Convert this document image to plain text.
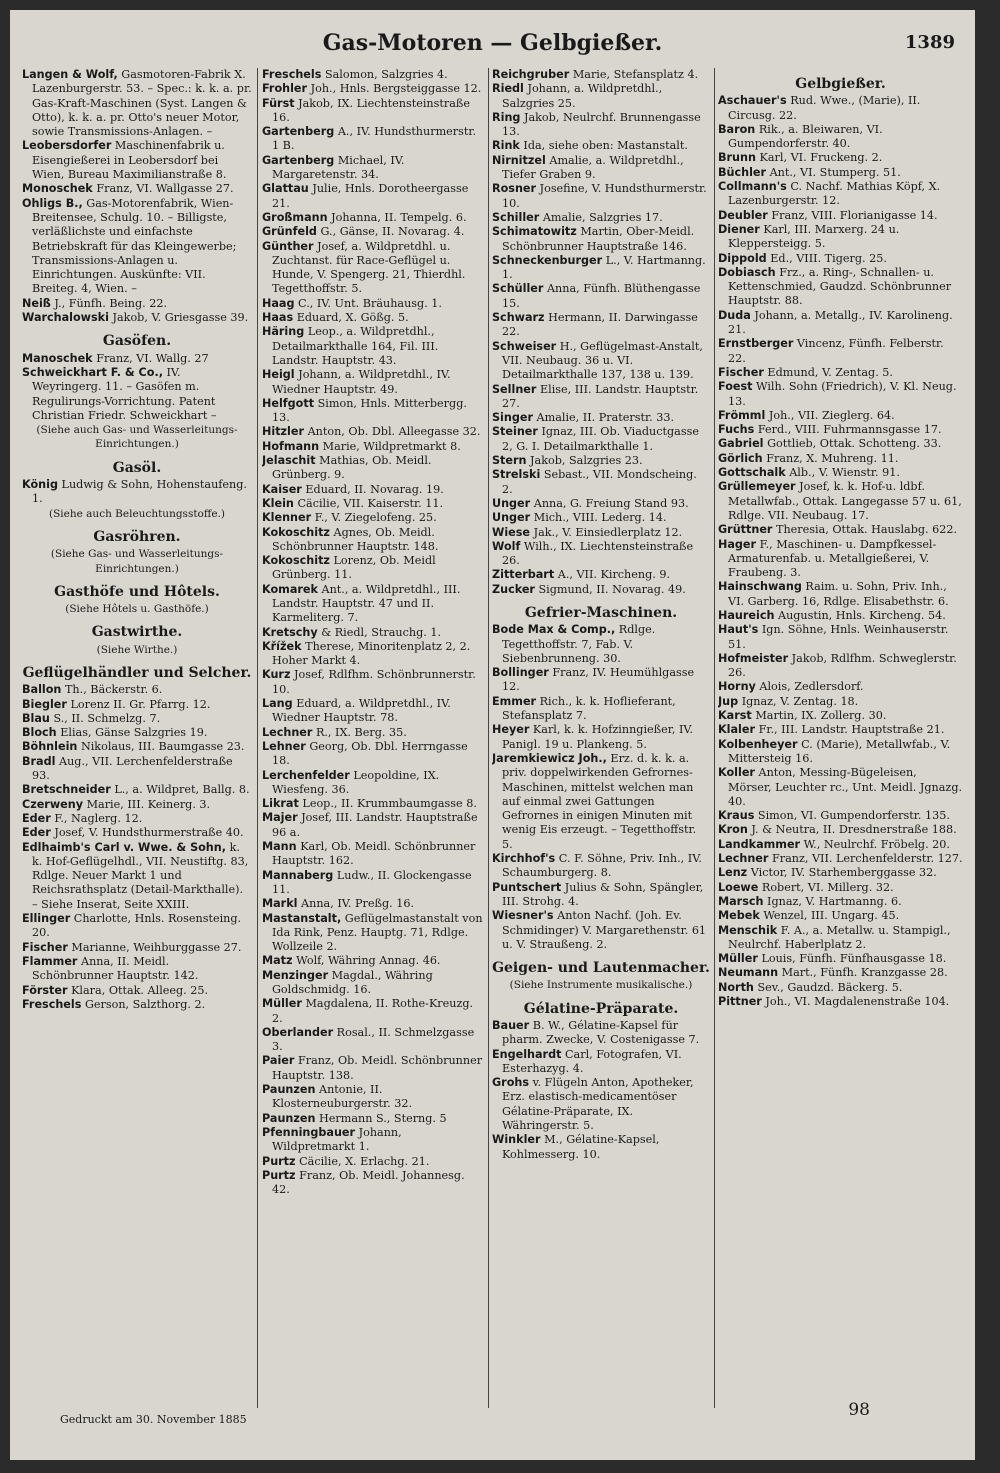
Gas-Motoren — Gelbgießer.	1389

Langen & Wolf, Gasmotoren-Fabrik X. Lazenburgerstr. 53. – Spec.: k. k. a. pr. Gas-Kraft-Maschinen (Syst. Langen & Otto), k. k. a. pr. Otto's neuer Motor, sowie Transmissions-Anlagen. –

Leobersdorfer Maschinenfabrik u. Eisengießerei in Leobersdorf bei Wien, Bureau Maximilianstraße 8.

Monoschek Franz, VI. Wallgasse 27.

Ohligs B., Gas-Motorenfabrik, Wien-Breitensee, Schulg. 10. – Billigste, verläßlichste und einfachste Betriebskraft für das Kleingewerbe; Transmissions-Anlagen u. Einrichtungen. Auskünfte: VII. Breiteg. 4, Wien. –

Neiß J., Fünfh. Being. 22.

Warchalowski Jakob, V. Griesgasse 39.

Gasöfen.

Manoschek Franz, VI. Wallg. 27

Schweickhart F. & Co., IV. Weyringerg. 11. – Gasöfen m. Regulirungs-Vorrichtung. Patent Christian Friedr. Schweickhart –

(Siehe auch Gas- und Wasserleitungs-Einrichtungen.)
Gasöl.

König Ludwig & Sohn, Hohenstaufeng. 1.

(Siehe auch Beleuchtungsstoffe.)
Gasröhren.
(Siehe Gas- und Wasserleitungs-Einrichtungen.)
Gasthöfe und Hôtels.
(Siehe Hôtels u. Gasthöfe.)
Gastwirthe.
(Siehe Wirthe.)
Geflügelhändler und Selcher.

Ballon Th., Bäckerstr. 6.

Biegler Lorenz II. Gr. Pfarrg. 12.

Blau S., II. Schmelzg. 7.

Bloch Elias, Gänse Salzgries 19.

Böhnlein Nikolaus, III. Baumgasse 23.

Bradl Aug., VII. Lerchenfelderstraße 93.

Bretschneider L., a. Wildpret, Ballg. 8.

Czerweny Marie, III. Keinerg. 3.

Eder F., Naglerg. 12.

Eder Josef, V. Hundsthurmerstraße 40.

Edlhaimb's Carl v. Wwe. & Sohn, k. k. Hof-Geflügelhdl., VII. Neustiftg. 83, Rdlge. Neuer Markt 1 und Reichsrathsplatz (Detail-Markthalle). – Siehe Inserat, Seite XXIII.

Ellinger Charlotte, Hnls. Rosensteing. 20.

Fischer Marianne, Weihburggasse 27.

Flammer Anna, II. Meidl. Schönbrunner Hauptstr. 142.

Förster Klara, Ottak. Alleeg. 25.

Freschels Gerson, Salzthorg. 2.

Freschels Salomon, Salzgries 4.

Frohler Joh., Hnls. Bergsteiggasse 12.

Fürst Jakob, IX. Liechtensteinstraße 16.

Gartenberg A., IV. Hundsthurmerstr. 1 B.

Gartenberg Michael, IV. Margaretenstr. 34.

Glattau Julie, Hnls. Dorotheergasse 21.

Großmann Johanna, II. Tempelg. 6.

Grünfeld G., Gänse, II. Novarag. 4.

Günther Josef, a. Wildpretdhl. u. Zuchtanst. für Race-Geflügel u. Hunde, V. Spengerg. 21, Thierdhl. Tegetthoffstr. 5.

Haag C., IV. Unt. Bräuhausg. 1.

Haas Eduard, X. Gößg. 5.

Häring Leop., a. Wildpretdhl., Detailmarkthalle 164, Fil. III. Landstr. Hauptstr. 43.

Heigl Johann, a. Wildpretdhl., IV. Wiedner Hauptstr. 49.

Helfgott Simon, Hnls. Mitterbergg. 13.

Hitzler Anton, Ob. Dbl. Alleegasse 32.

Hofmann Marie, Wildpretmarkt 8.

Jelaschit Mathias, Ob. Meidl. Grünberg. 9.

Kaiser Eduard, II. Novarag. 19.

Klein Cäcilie, VII. Kaiserstr. 11.

Klenner F., V. Ziegelofeng. 25.

Kokoschitz Agnes, Ob. Meidl. Schönbrunner Hauptstr. 148.

Kokoschitz Lorenz, Ob. Meidl Grünberg. 11.

Komarek Ant., a. Wildpretdhl., III. Landstr. Hauptstr. 47 und II. Karmeliterg. 7.

Kretschy & Riedl, Strauchg. 1.

Křížek Therese, Minoritenplatz 2, 2. Hoher Markt 4.

Kurz Josef, Rdlfhm. Schönbrunnerstr. 10.

Lang Eduard, a. Wildpretdhl., IV. Wiedner Hauptstr. 78.

Lechner R., IX. Berg. 35.

Lehner Georg, Ob. Dbl. Herrngasse 18.

Lerchenfelder Leopoldine, IX. Wiesfeng. 36.

Likrat Leop., II. Krummbaumgasse 8.

Majer Josef, III. Landstr. Hauptstraße 96 a.

Mann Karl, Ob. Meidl. Schönbrunner Hauptstr. 162.

Mannaberg Ludw., II. Glockengasse 11.

Markl Anna, IV. Preßg. 16.

Mastanstalt, Geflügelmastanstalt von Ida Rink, Penz. Hauptg. 71, Rdlge. Wollzeile 2.

Matz Wolf, Währing Annag. 46.

Menzinger Magdal., Währing Goldschmidg. 16.

Müller Magdalena, II. Rothe-Kreuzg. 2.

Oberlander Rosal., II. Schmelzgasse 3.

Paier Franz, Ob. Meidl. Schönbrunner Hauptstr. 138.

Paunzen Antonie, II. Klosterneuburgerstr. 32.

Paunzen Hermann S., Sterng. 5

Pfenningbauer Johann, Wildpretmarkt 1.

Purtz Cäcilie, X. Erlachg. 21.

Purtz Franz, Ob. Meidl. Johannesg. 42.

Reichgruber Marie, Stefansplatz 4.

Riedl Johann, a. Wildpretdhl., Salzgries 25.

Ring Jakob, Neulrchf. Brunnengasse 13.

Rink Ida, siehe oben: Mastanstalt.

Nirnitzel Amalie, a. Wildpretdhl., Tiefer Graben 9.

Rosner Josefine, V. Hundsthurmerstr. 10.

Schiller Amalie, Salzgries 17.

Schimatowitz Martin, Ober-Meidl. Schönbrunner Hauptstraße 146.

Schneckenburger L., V. Hartmanng. 1.

Schüller Anna, Fünfh. Blüthengasse 15.

Schwarz Hermann, II. Darwingasse 22.

Schweiser H., Geflügelmast-Anstalt, VII. Neubaug. 36 u. VI. Detailmarkthalle 137, 138 u. 139.

Sellner Elise, III. Landstr. Hauptstr. 27.

Singer Amalie, II. Praterstr. 33.

Steiner Ignaz, III. Ob. Viaductgasse 2, G. I. Detailmarkthalle 1.

Stern Jakob, Salzgries 23.

Strelski Sebast., VII. Mondscheing. 2.

Unger Anna, G. Freiung Stand 93.

Unger Mich., VIII. Lederg. 14.

Wiese Jak., V. Einsiedlerplatz 12.

Wolf Wilh., IX. Liechtensteinstraße 26.

Zitterbart A., VII. Kircheng. 9.

Zucker Sigmund, II. Novarag. 49.

Gefrier-Maschinen.

Bode Max & Comp., Rdlge. Tegetthoffstr. 7, Fab. V. Siebenbrunneng. 30.

Bollinger Franz, IV. Heumühlgasse 12.

Emmer Rich., k. k. Hoflieferant, Stefansplatz 7.

Heyer Karl, k. k. Hofzinngießer, IV. Panigl. 19 u. Plankeng. 5.

Jaremkiewicz Joh., Erz. d. k. k. a. priv. doppelwirkenden Gefrornes-Maschinen, mittelst welchen man auf einmal zwei Gattungen Gefrornes in einigen Minuten mit wenig Eis erzeugt. – Tegetthoffstr. 5.

Kirchhof's C. F. Söhne, Priv. Inh., IV. Schaumburgerg. 8.

Puntschert Julius & Sohn, Spängler, III. Strohg. 4.

Wiesner's Anton Nachf. (Joh. Ev. Schmidinger) V. Margarethenstr. 61 u. V. Straußeng. 2.

Geigen- und Lautenmacher.
(Siehe Instrumente musikalische.)
Gélatine-Präparate.

Bauer B. W., Gélatine-Kapsel für pharm. Zwecke, V. Costenigasse 7.

Engelhardt Carl, Fotografen, VI. Esterhazyg. 4.

Grohs v. Flügeln Anton, Apotheker, Erz. elastisch-medicamentöser Gélatine-Präparate, IX. Währingerstr. 5.

Winkler M., Gélatine-Kapsel, Kohlmesserg. 10.

Gelbgießer.

Aschauer's Rud. Wwe., (Marie), II. Circusg. 22.

Baron Rik., a. Bleiwaren, VI. Gumpendorferstr. 40.

Brunn Karl, VI. Fruckeng. 2.

Büchler Ant., VI. Stumperg. 51.

Collmann's C. Nachf. Mathias Köpf, X. Lazenburgerstr. 12.

Deubler Franz, VIII. Florianigasse 14.

Diener Karl, III. Marxerg. 24 u. Kleppersteigg. 5.

Dippold Ed., VIII. Tigerg. 25.

Dobiasch Frz., a. Ring-, Schnallen- u. Kettenschmied, Gaudzd. Schönbrunner Hauptstr. 88.

Duda Johann, a. Metallg., IV. Karolineng. 21.

Ernstberger Vincenz, Fünfh. Felberstr. 22.

Fischer Edmund, V. Zentag. 5.

Foest Wilh. Sohn (Friedrich), V. Kl. Neug. 13.

Frömml Joh., VII. Zieglerg. 64.

Fuchs Ferd., VIII. Fuhrmannsgasse 17.

Gabriel Gottlieb, Ottak. Schotteng. 33.

Görlich Franz, X. Muhreng. 11.

Gottschalk Alb., V. Wienstr. 91.

Grüllemeyer Josef, k. k. Hof-u. ldbf. Metallwfab., Ottak. Langegasse 57 u. 61, Rdlge. VII. Neubaug. 17.

Grüttner Theresia, Ottak. Hauslabg. 622.

Hager F., Maschinen- u. Dampfkessel-Armaturenfab. u. Metallgießerei, V. Fraubeng. 3.

Hainschwang Raim. u. Sohn, Priv. Inh., VI. Garberg. 16, Rdlge. Elisabethstr. 6.

Haureich Augustin, Hnls. Kircheng. 54.

Haut's Ign. Söhne, Hnls. Weinhauserstr. 51.

Hofmeister Jakob, Rdlfhm. Schweglerstr. 26.

Horny Alois, Zedlersdorf.

Jup Ignaz, V. Zentag. 18.

Karst Martin, IX. Zollerg. 30.

Klaler Fr., III. Landstr. Hauptstraße 21.

Kolbenheyer C. (Marie), Metallwfab., V. Mittersteig 16.

Koller Anton, Messing-Bügeleisen, Mörser, Leuchter rc., Unt. Meidl. Jgnazg. 40.

Kraus Simon, VI. Gumpendorferstr. 135.

Kron J. & Neutra, II. Dresdnerstraße 188.

Landkammer W., Neulrchf. Fröbelg. 20.

Lechner Franz, VII. Lerchenfelderstr. 127.

Lenz Victor, IV. Starhemberggasse 32.

Loewe Robert, VI. Millerg. 32.

Marsch Ignaz, V. Hartmanng. 6.

Mebek Wenzel, III. Ungarg. 45.

Menschik F. A., a. Metallw. u. Stampigl., Neulrchf. Haberlplatz 2.

Müller Louis, Fünfh. Fünfhausgasse 18.

Neumann Mart., Fünfh. Kranzgasse 28.

North Sev., Gaudzd. Bäckerg. 5.

Pittner Joh., VI. Magdalenenstraße 104.

Gedruckt am 30. November 1885	98
